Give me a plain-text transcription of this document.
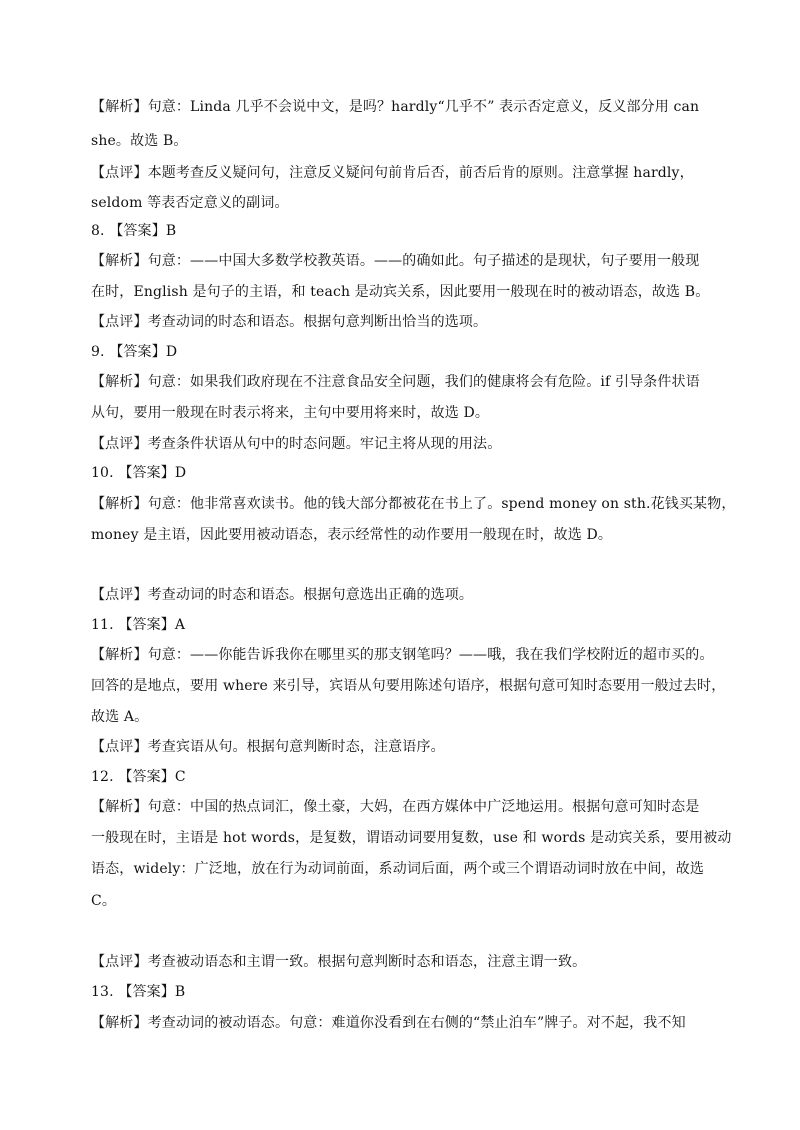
【解析】句意：Linda 几乎不会说中文，是吗？hardly“几乎不” 表示否定意义，反义部分用 can
she。故选 B。
【点评】本题考查反义疑问句，注意反义疑问句前肯后否，前否后肯的原则。注意掌握 hardly，
seldom 等表否定意义的副词。
8. 【答案】B
【解析】句意：——中国大多数学校教英语。——的确如此。句子描述的是现状，句子要用一般现
在时，English 是句子的主语，和 teach 是动宾关系，因此要用一般现在时的被动语态，故选 B。
【点评】考查动词的时态和语态。根据句意判断出恰当的选项。
9. 【答案】D
【解析】句意：如果我们政府现在不注意食品安全问题，我们的健康将会有危险。if 引导条件状语
从句，要用一般现在时表示将来，主句中要用将来时，故选 D。
【点评】考查条件状语从句中的时态问题。牢记主将从现的用法。
10. 【答案】D
【解析】句意：他非常喜欢读书。他的钱大部分都被花在书上了。spend money on sth.花钱买某物，
money 是主语，因此要用被动语态，表示经常性的动作要用一般现在时，故选 D。
【点评】考查动词的时态和语态。根据句意选出正确的选项。
11. 【答案】A
【解析】句意：——你能告诉我你在哪里买的那支钢笔吗？——哦，我在我们学校附近的超市买的。
回答的是地点，要用 where 来引导，宾语从句要用陈述句语序，根据句意可知时态要用一般过去时，
故选 A。
【点评】考查宾语从句。根据句意判断时态，注意语序。
12. 【答案】C
【解析】句意：中国的热点词汇，像土豪，大妈，在西方媒体中广泛地运用。根据句意可知时态是
一般现在时，主语是 hot words，是复数，谓语动词要用复数，use 和 words 是动宾关系，要用被动
语态，widely：广泛地，放在行为动词前面，系动词后面，两个或三个谓语动词时放在中间，故选
C。
【点评】考查被动语态和主谓一致。根据句意判断时态和语态，注意主谓一致。
13. 【答案】B
【解析】考查动词的被动语态。句意：难道你没看到在右侧的“禁止泊车”牌子。对不起，我不知
